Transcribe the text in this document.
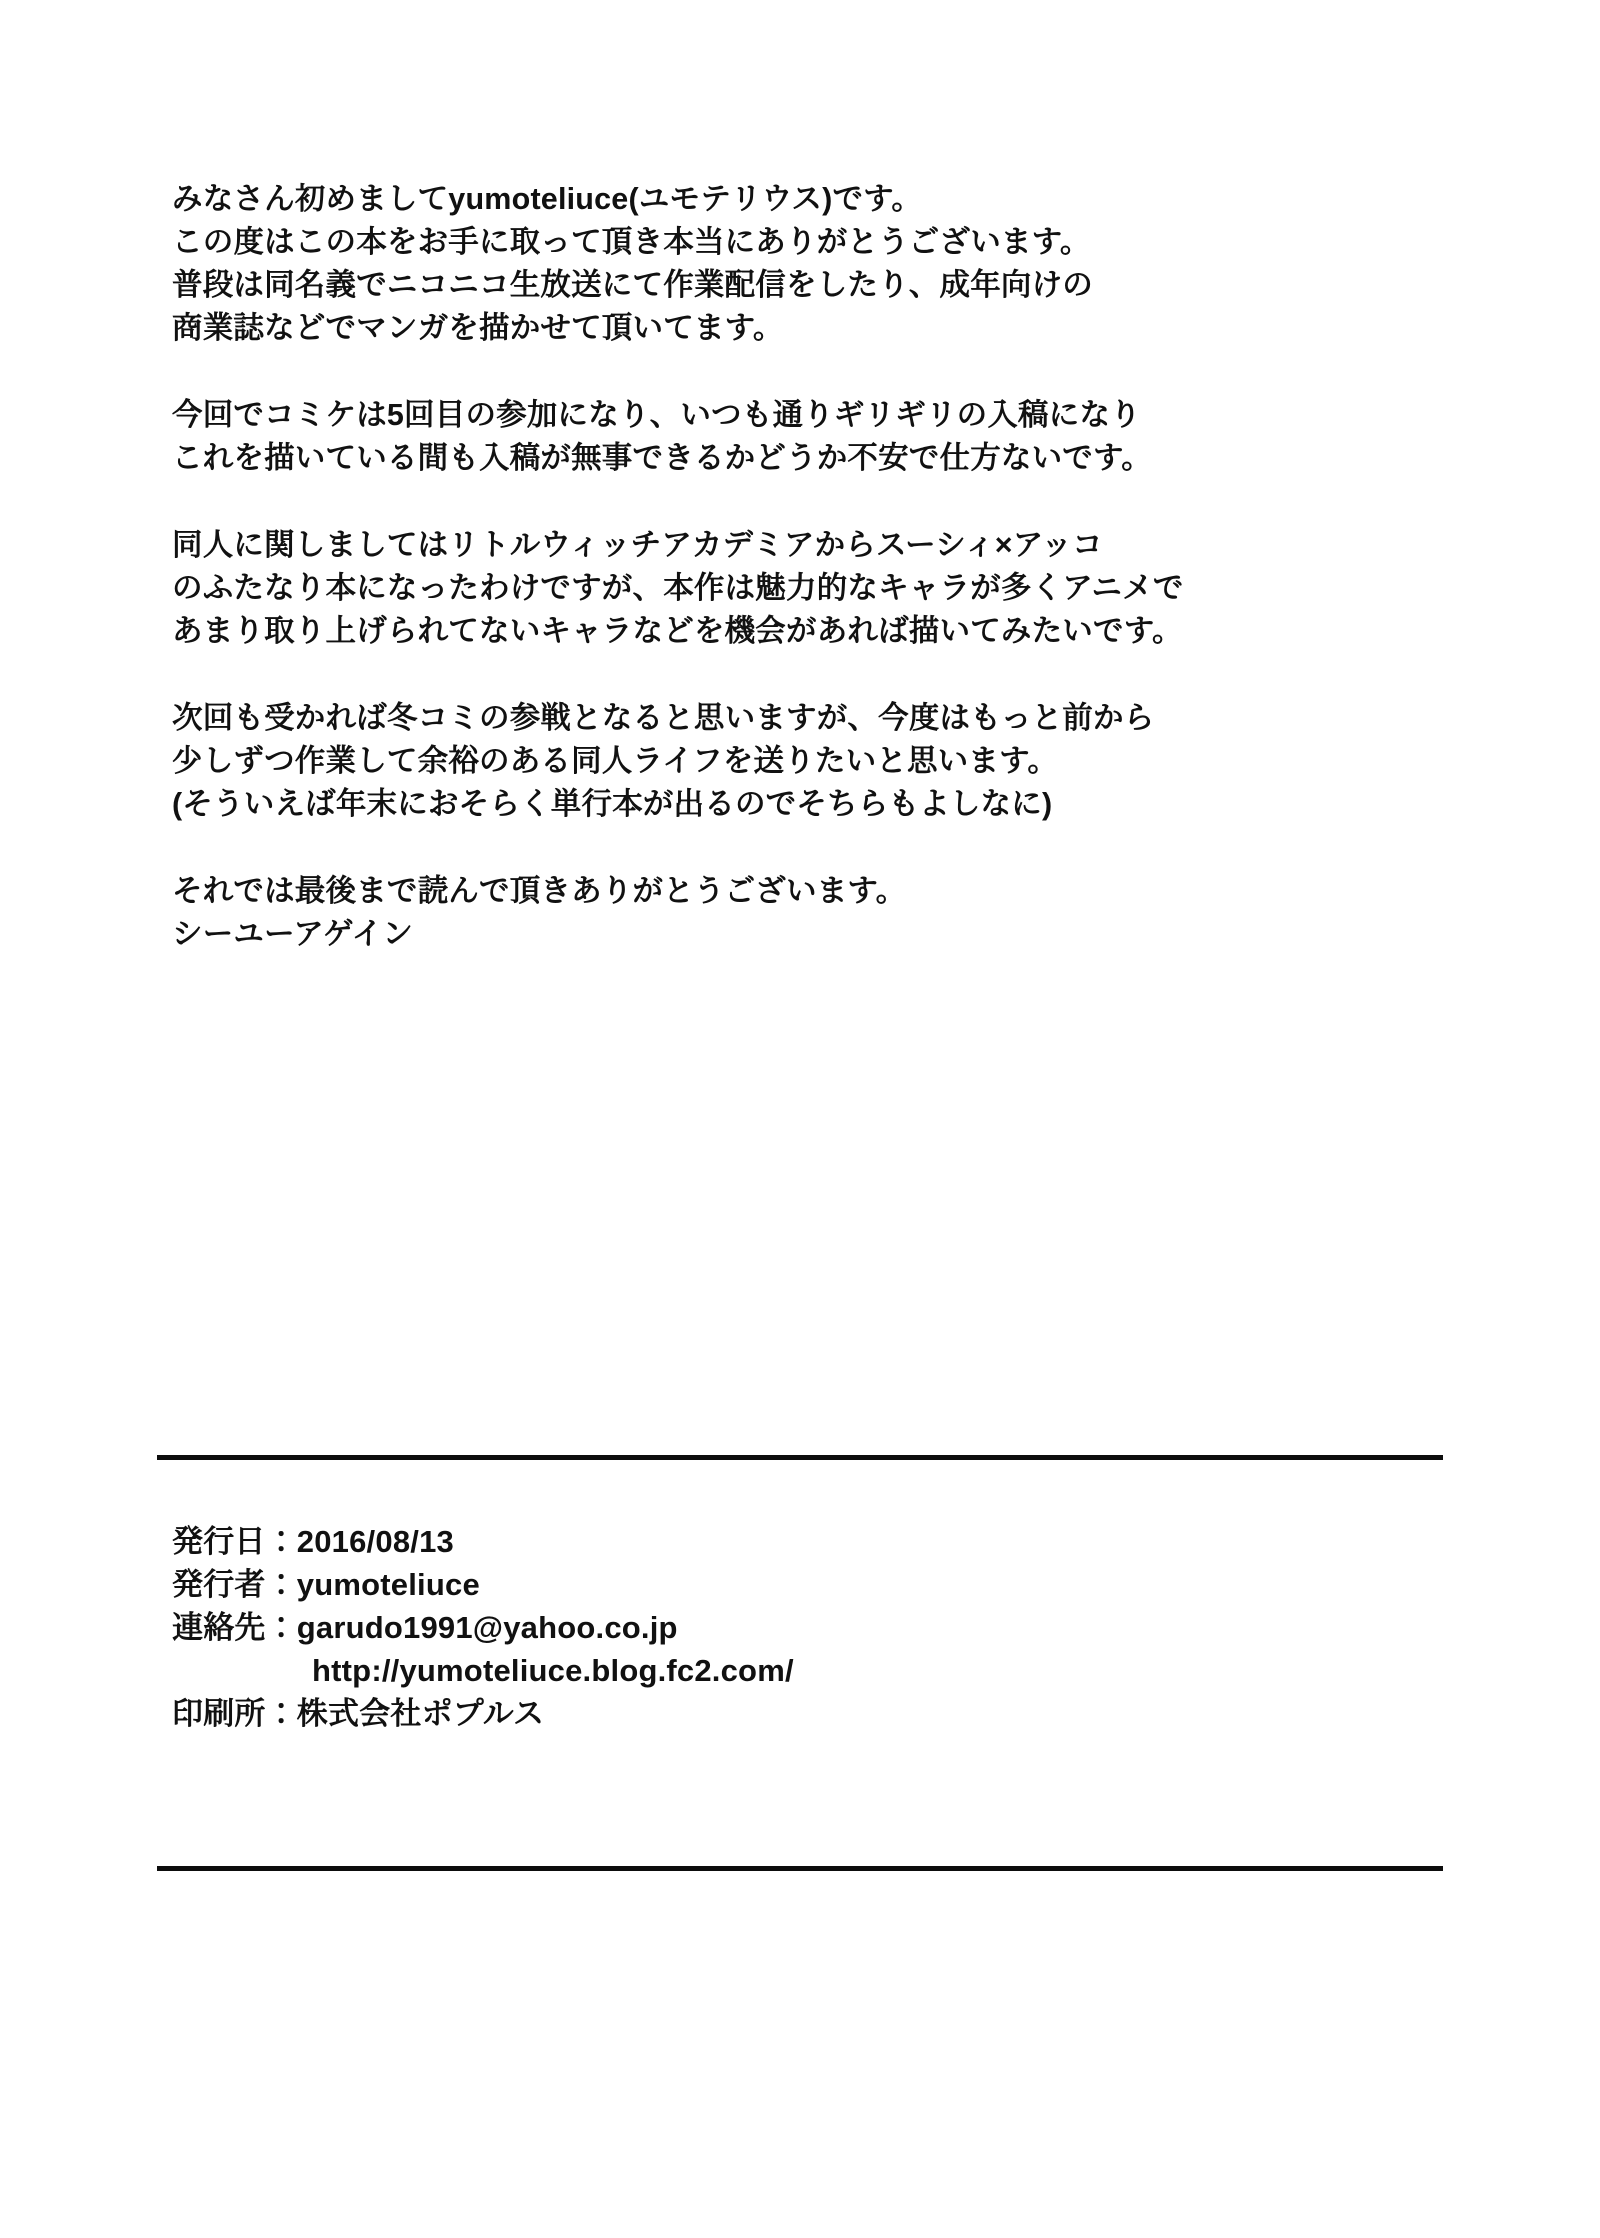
みなさん初めましてyumoteliuce(ユモテリウス)です。
この度はこの本をお手に取って頂き本当にありがとうございます。
普段は同名義でニコニコ生放送にて作業配信をしたり、成年向けの
商業誌などでマンガを描かせて頂いてます。
今回でコミケは5回目の参加になり、いつも通りギリギリの入稿になり
これを描いている間も入稿が無事できるかどうか不安で仕方ないです。
同人に関しましてはリトルウィッチアカデミアからスーシィ×アッコ
のふたなり本になったわけですが、本作は魅力的なキャラが多くアニメで
あまり取り上げられてないキャラなどを機会があれば描いてみたいです。
次回も受かれば冬コミの参戦となると思いますが、今度はもっと前から
少しずつ作業して余裕のある同人ライフを送りたいと思います。
(そういえば年末におそらく単行本が出るのでそちらもよしなに)
それでは最後まで読んで頂きありがとうございます。
シーユーアゲイン
発行日：2016/08/13
発行者：yumoteliuce
連絡先：garudo1991@yahoo.co.jp
http://yumoteliuce.blog.fc2.com/
印刷所：株式会社ポプルス
